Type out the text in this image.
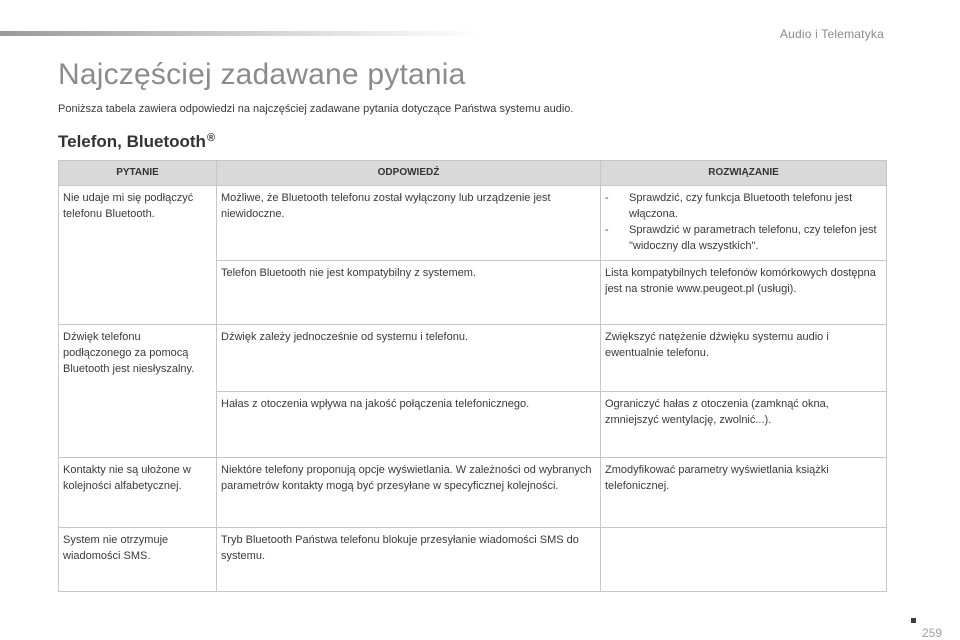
Audio i Telematyka
Najczęściej zadawane pytania

Poniższa tabela zawiera odpowiedzi na najczęściej zadawane pytania dotyczące Państwa systemu audio.

Telefon, Bluetooth®
PYTANIE	ODPOWIEDŹ	ROZWIĄZANIE
Nie udaje mi się podłączyć telefonu Bluetooth.	Możliwe, że Bluetooth telefonu został wyłączony lub urządzenie jest niewidoczne.	- Sprawdzić, czy funkcja Bluetooth telefonu jest włączona.
- Sprawdzić w parametrach telefonu, czy telefon jest "widoczny dla wszystkich".

	Telefon Bluetooth nie jest kompatybilny z systemem.	Lista kompatybilnych telefonów komórkowych dostępna jest na stronie www.peugeot.pl (usługi).
Dźwięk telefonu podłączonego za pomocą Bluetooth jest niesłyszalny.	Dźwięk zależy jednocześnie od systemu i telefonu.	Zwiększyć natężenie dźwięku systemu audio i ewentualnie telefonu.
	Hałas z otoczenia wpływa na jakość połączenia telefonicznego.	Ograniczyć hałas z otoczenia (zamknąć okna, zmniejszyć wentylację, zwolnić...).
Kontakty nie są ułożone w kolejności alfabetycznej.	Niektóre telefony proponują opcje wyświetlania. W zależności od wybranych parametrów kontakty mogą być przesyłane w specyficznej kolejności.	Zmodyfikować parametry wyświetlania książki telefonicznej.
System nie otrzymuje wiadomości SMS.	Tryb Bluetooth Państwa telefonu blokuje przesyłanie wiadomości SMS do systemu.	
259
